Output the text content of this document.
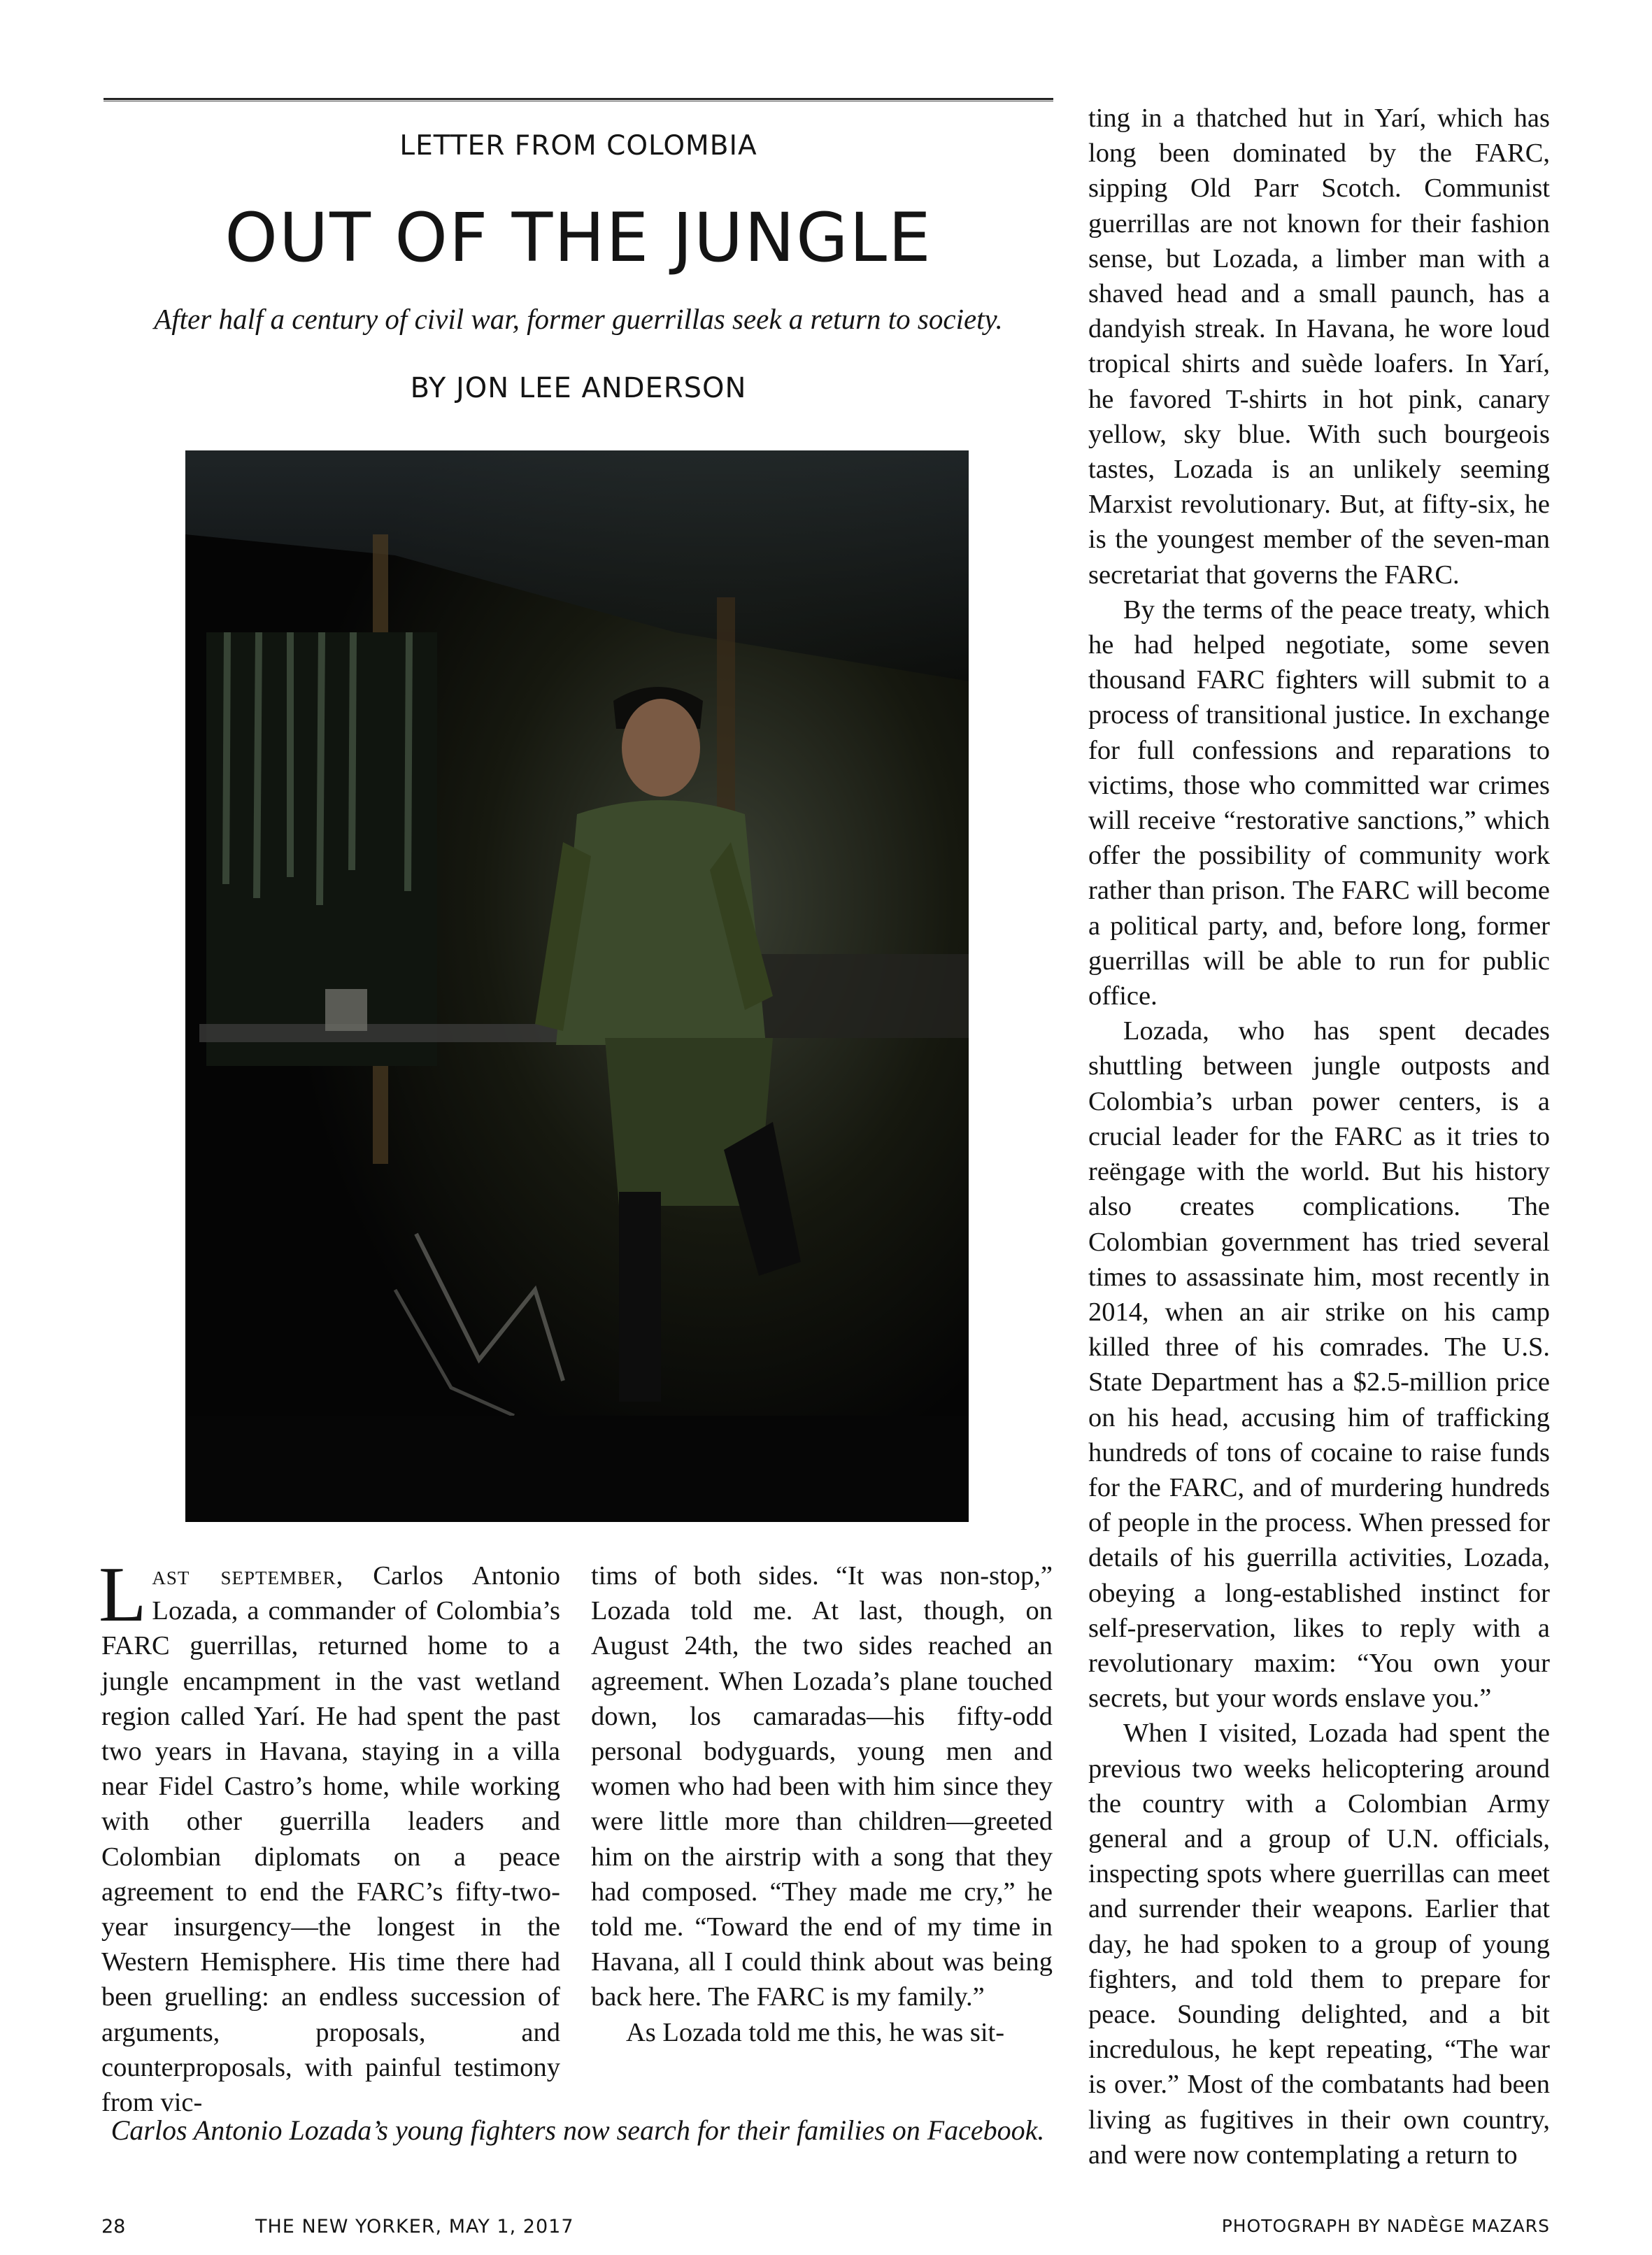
LETTER FROM COLOMBIA
OUT OF THE JUNGLE
After half a century of civil war, former guerrillas seek a return to society.
BY JON LEE ANDERSON

Last september, Carlos Antonio Lozada, a commander of Colombia’s FARC guerrillas, returned home to a jungle encampment in the vast wetland region called Yarí. He had spent the past two years in Havana, staying in a villa near Fidel Castro’s home, while working with other guerrilla leaders and Colombian diplomats on a peace agreement to end the FARC’s fifty-two-year insurgency—the longest in the Western Hemisphere. His time there had been gruelling: an endless succession of arguments, proposals, and counterproposals, with painful testimony from vic-

tims of both sides. “It was non-stop,” Lozada told me. At last, though, on August 24th, the two sides reached an agreement. When Lozada’s plane touched down, los camaradas—his fifty-odd personal bodyguards, young men and women who had been with him since they were little more than children—greeted him on the airstrip with a song that they had composed. “They made me cry,” he told me. “Toward the end of my time in Havana, all I could think about was being back here. The FARC is my family.”

As Lozada told me this, he was sit-

ting in a thatched hut in Yarí, which has long been dominated by the FARC, sipping Old Parr Scotch. Communist guerrillas are not known for their fashion sense, but Lozada, a limber man with a shaved head and a small paunch, has a dandyish streak. In Havana, he wore loud tropical shirts and suède loafers. In Yarí, he favored T-shirts in hot pink, canary yellow, sky blue. With such bourgeois tastes, Lozada is an unlikely seeming Marxist revolutionary. But, at fifty-six, he is the youngest member of the seven-man secretariat that governs the FARC.

By the terms of the peace treaty, which he had helped negotiate, some seven thousand FARC fighters will submit to a process of transitional justice. In exchange for full confessions and reparations to victims, those who committed war crimes will receive “restorative sanctions,” which offer the possibility of community work rather than prison. The FARC will become a political party, and, before long, former guerrillas will be able to run for public office.

Lozada, who has spent decades shuttling between jungle outposts and Colombia’s urban power centers, is a crucial leader for the FARC as it tries to reëngage with the world. But his history also creates complications. The Colombian government has tried several times to assassinate him, most recently in 2014, when an air strike on his camp killed three of his comrades. The U.S. State Department has a $2.5-million price on his head, accusing him of trafficking hundreds of tons of cocaine to raise funds for the FARC, and of murdering hundreds of people in the process. When pressed for details of his guerrilla activities, Lozada, obeying a long-established instinct for self-preservation, likes to reply with a revolutionary maxim: “You own your secrets, but your words enslave you.”

When I visited, Lozada had spent the previous two weeks helicoptering around the country with a Colombian Army general and a group of U.N. officials, inspecting spots where guerrillas can meet and surrender their weapons. Earlier that day, he had spoken to a group of young fighters, and told them to prepare for peace. Sounding delighted, and a bit incredulous, he kept repeating, “The war is over.” Most of the combatants had been living as fugitives in their own country, and were now contemplating a return to

Carlos Antonio Lozada’s young fighters now search for their families on Facebook.
28	THE NEW YORKER, MAY 1, 2017	PHOTOGRAPH BY NADÈGE MAZARS
